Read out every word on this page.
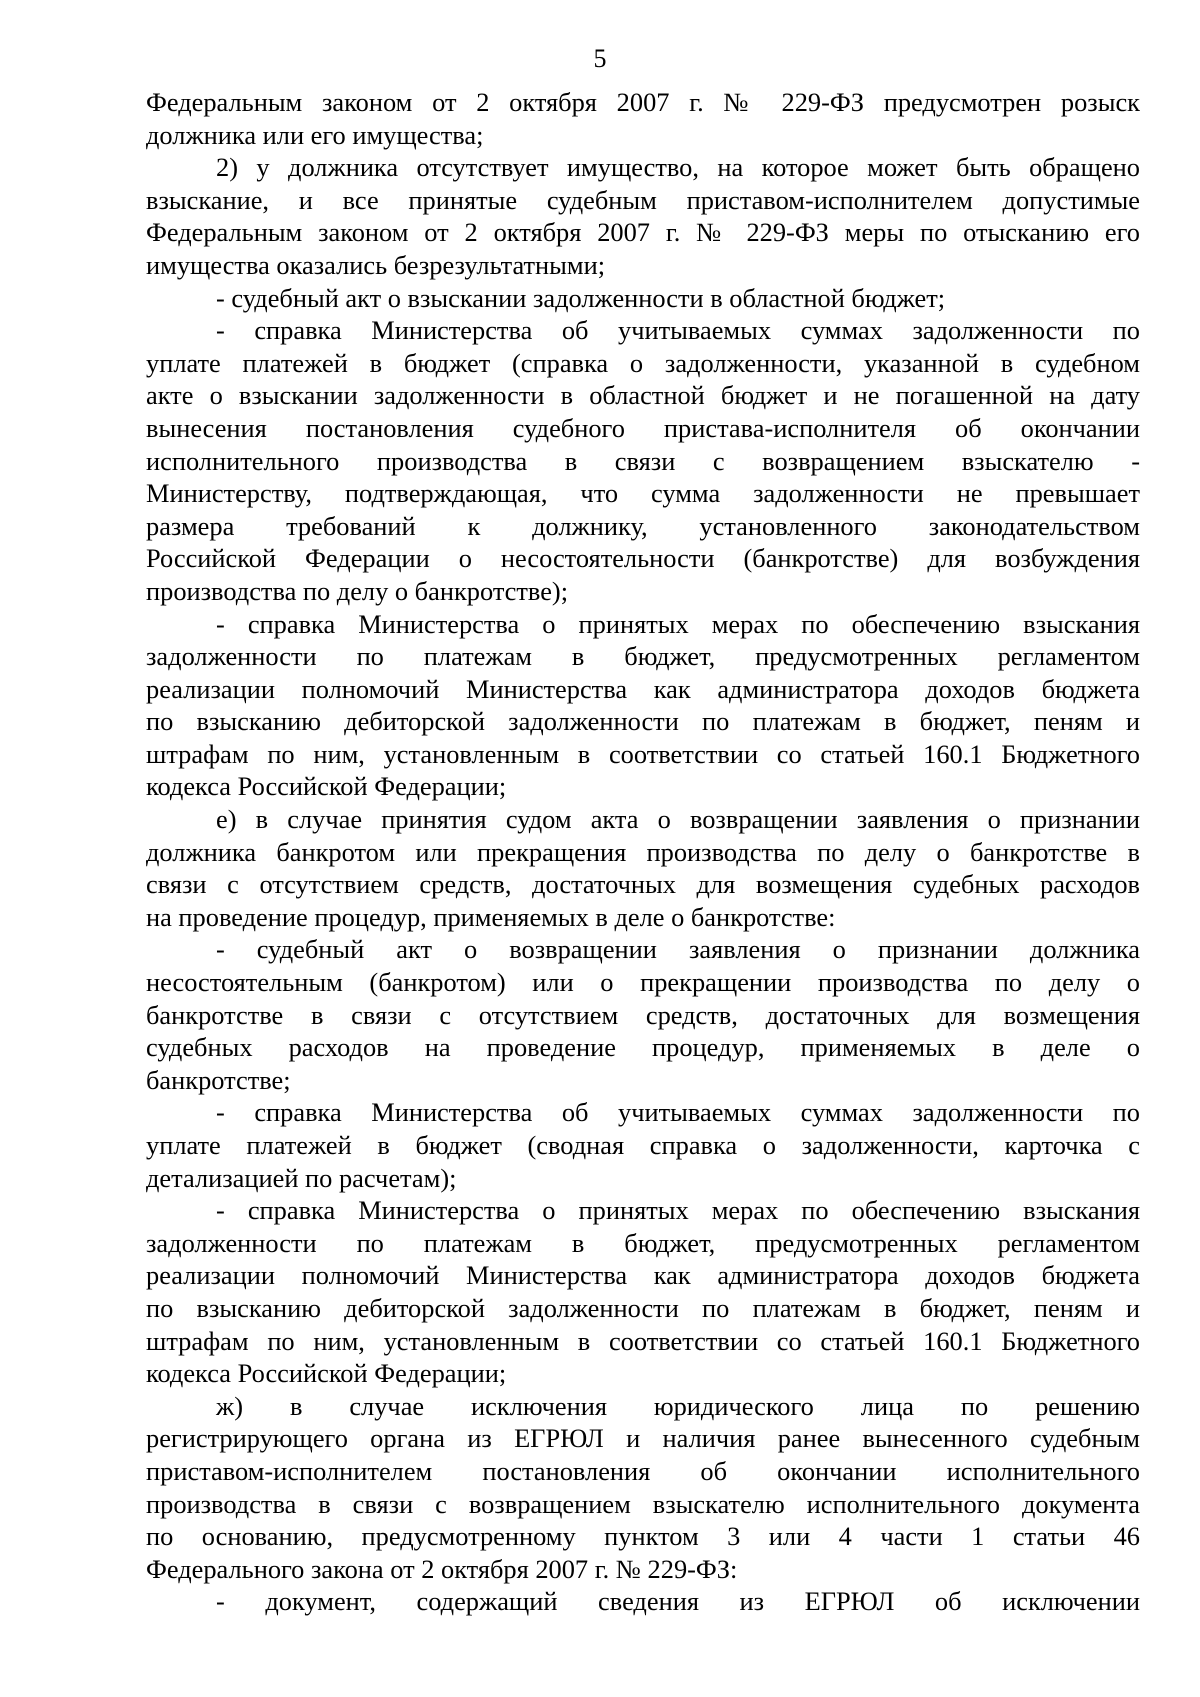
5
Федеральным законом от 2 октября 2007 г. № 229-ФЗ предусмотрен розыск
должника или его имущества;
2) у должника отсутствует имущество, на которое может быть обращено
взыскание, и все принятые судебным приставом-исполнителем допустимые
Федеральным законом от 2 октября 2007 г. № 229-ФЗ меры по отысканию его
имущества оказались безрезультатными;
- судебный акт о взыскании задолженности в областной бюджет;
- справка Министерства об учитываемых суммах задолженности по
уплате платежей в бюджет (справка о задолженности, указанной в судебном
акте о взыскании задолженности в областной бюджет и не погашенной на дату
вынесения постановления судебного пристава-исполнителя об окончании
исполнительного производства в связи с возвращением взыскателю -
Министерству, подтверждающая, что сумма задолженности не превышает
размера требований к должнику, установленного законодательством
Российской Федерации о несостоятельности (банкротстве) для возбуждения
производства по делу о банкротстве);
- справка Министерства о принятых мерах по обеспечению взыскания
задолженности по платежам в бюджет, предусмотренных регламентом
реализации полномочий Министерства как администратора доходов бюджета
по взысканию дебиторской задолженности по платежам в бюджет, пеням и
штрафам по ним, установленным в соответствии со статьей 160.1 Бюджетного
кодекса Российской Федерации;
е) в случае принятия судом акта о возвращении заявления о признании
должника банкротом или прекращения производства по делу о банкротстве в
связи с отсутствием средств, достаточных для возмещения судебных расходов
на проведение процедур, применяемых в деле о банкротстве:
- судебный акт о возвращении заявления о признании должника
несостоятельным (банкротом) или о прекращении производства по делу о
банкротстве в связи с отсутствием средств, достаточных для возмещения
судебных расходов на проведение процедур, применяемых в деле о
банкротстве;
- справка Министерства об учитываемых суммах задолженности по
уплате платежей в бюджет (сводная справка о задолженности, карточка с
детализацией по расчетам);
- справка Министерства о принятых мерах по обеспечению взыскания
задолженности по платежам в бюджет, предусмотренных регламентом
реализации полномочий Министерства как администратора доходов бюджета
по взысканию дебиторской задолженности по платежам в бюджет, пеням и
штрафам по ним, установленным в соответствии со статьей 160.1 Бюджетного
кодекса Российской Федерации;
ж) в случае исключения юридического лица по решению
регистрирующего органа из ЕГРЮЛ и наличия ранее вынесенного судебным
приставом-исполнителем постановления об окончании исполнительного
производства в связи с возвращением взыскателю исполнительного документа
по основанию, предусмотренному пунктом 3 или 4 части 1 статьи 46
Федерального закона от 2 октября 2007 г. № 229-ФЗ:
- документ, содержащий сведения из ЕГРЮЛ об исключении
